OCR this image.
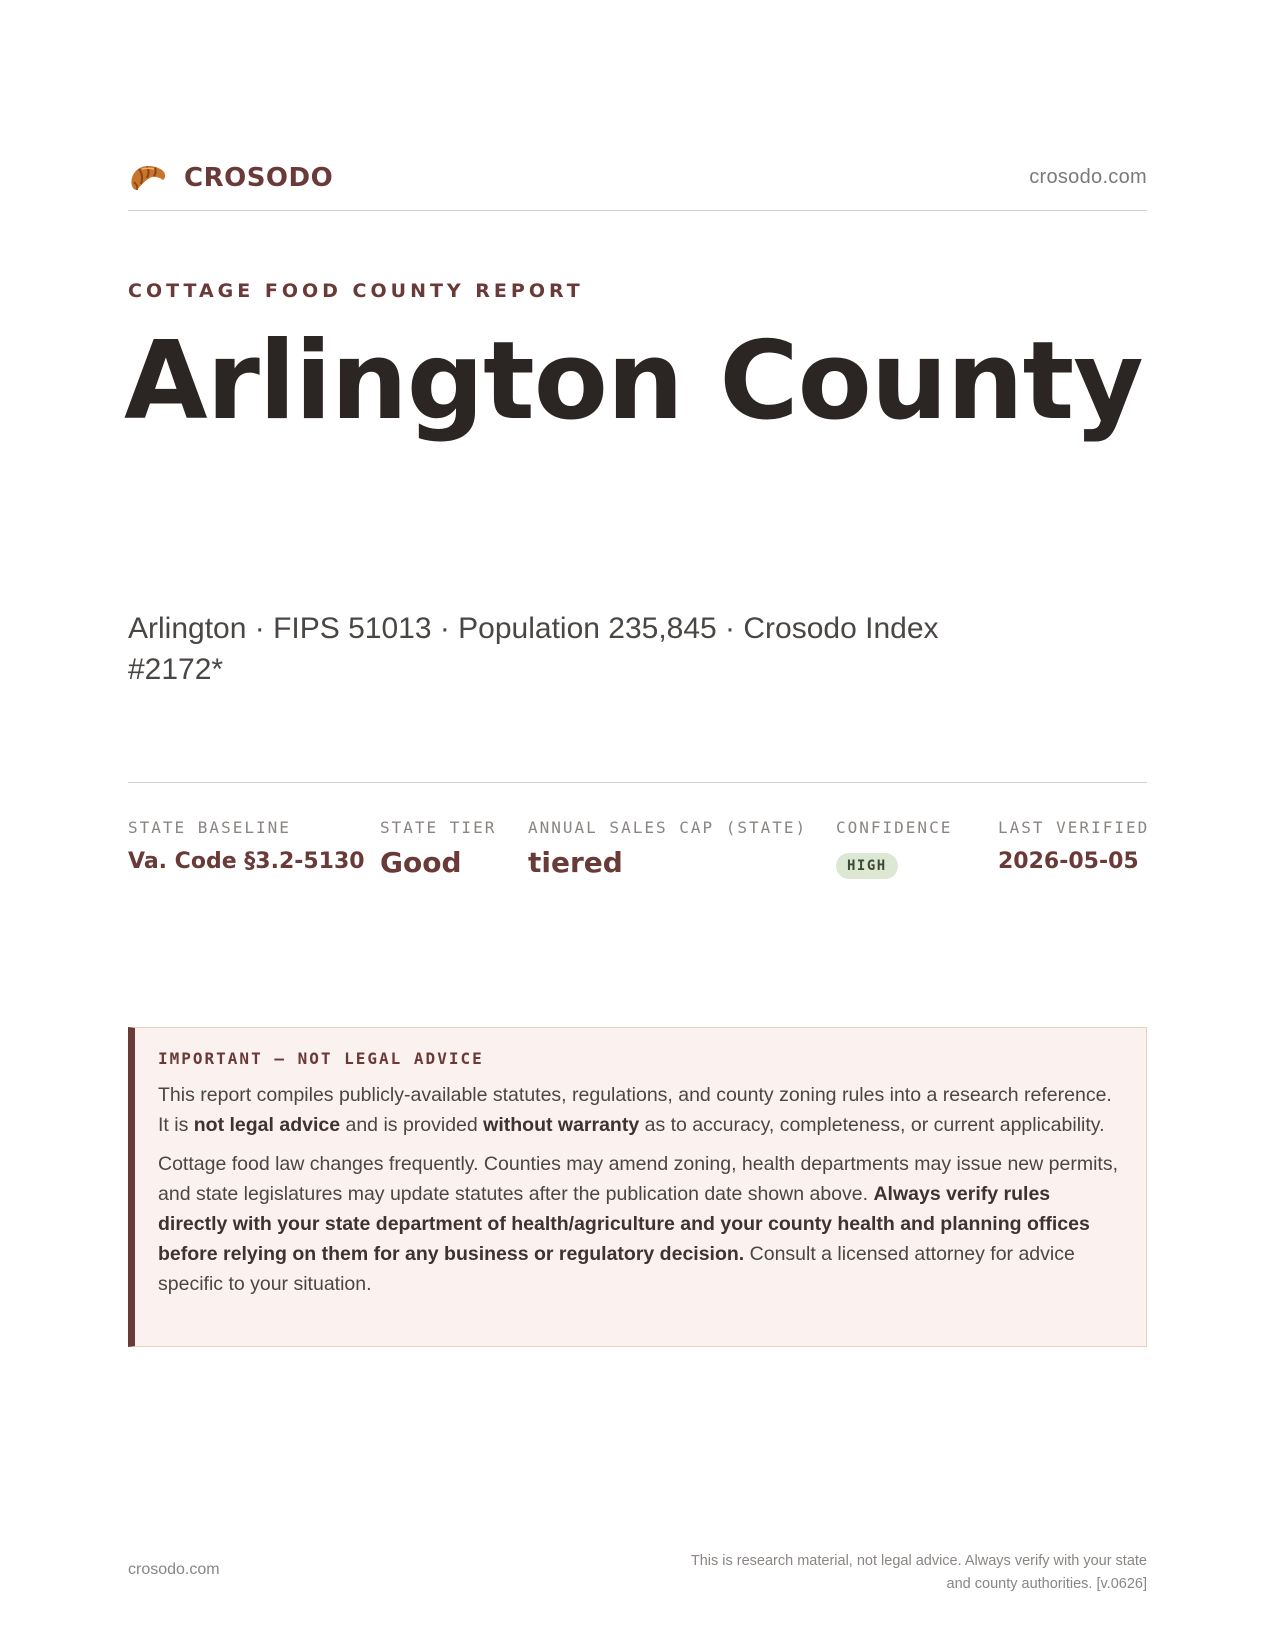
CROSODO	crosodo.com
COTTAGE FOOD COUNTY REPORT
Arlington County
Arlington · FIPS 51013 · Population 235,845 · Crosodo Index #2172*
STATE BASELINE
Va. Code §3.2-5130
STATE TIER
Good
ANNUAL SALES CAP (STATE)
tiered
CONFIDENCE
HIGH
LAST VERIFIED
2026-05-05
IMPORTANT — NOT LEGAL ADVICE

This report compiles publicly-available statutes, regulations, and county zoning rules into a research reference. It is not legal advice and is provided without warranty as to accuracy, completeness, or current applicability.

Cottage food law changes frequently. Counties may amend zoning, health departments may issue new permits, and state legislatures may update statutes after the publication date shown above. Always verify rules directly with your state department of health/agriculture and your county health and planning offices before relying on them for any business or regulatory decision. Consult a licensed attorney for advice specific to your situation.

crosodo.com	This is research material, not legal advice. Always verify with your state
and county authorities. [v.0626]
